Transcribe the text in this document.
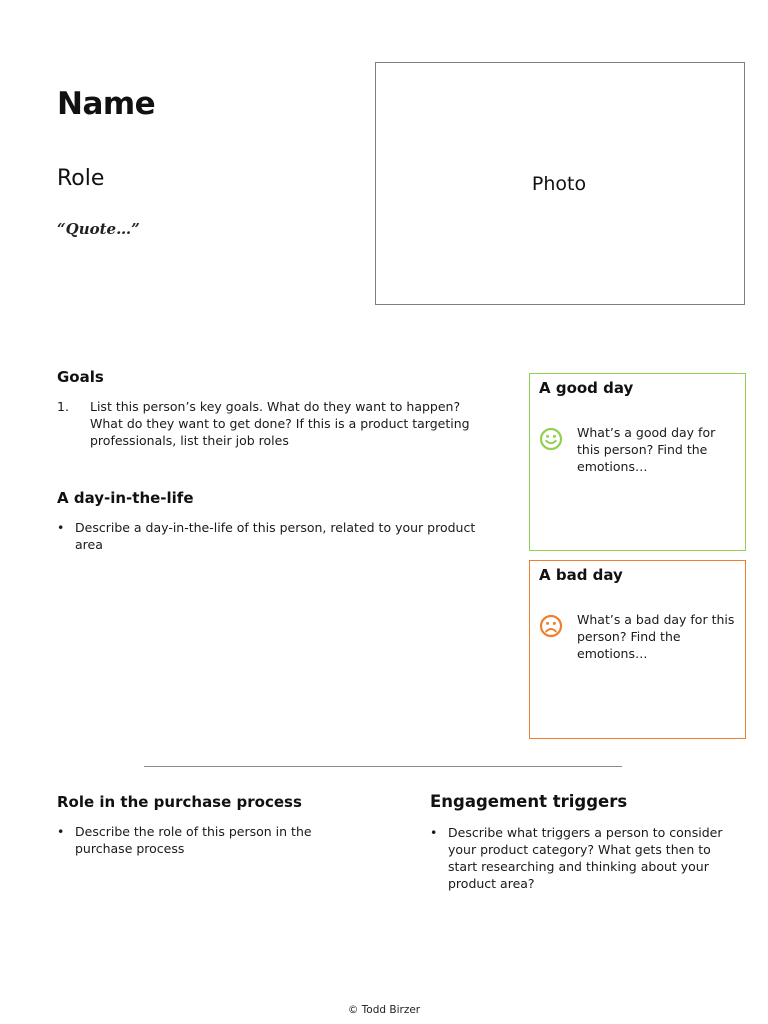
Name
Role
“Quote…”
Photo
Goals
1.	List this person’s key goals. What do they want to happen? What do they want to get done? If this is a product targeting professionals, list their job roles
A day-in-the-life
• Describe a day-in-the-life of this person, related to your product area
A good day
What’s a good day for this person? Find the emotions…
A bad day
What’s a bad day for this person? Find the emotions…
Role in the purchase process
• Describe the role of this person in the purchase process
Engagement triggers
• Describe what triggers a person to consider your product category? What gets then to start researching and thinking about your product area?
© Todd Birzer
